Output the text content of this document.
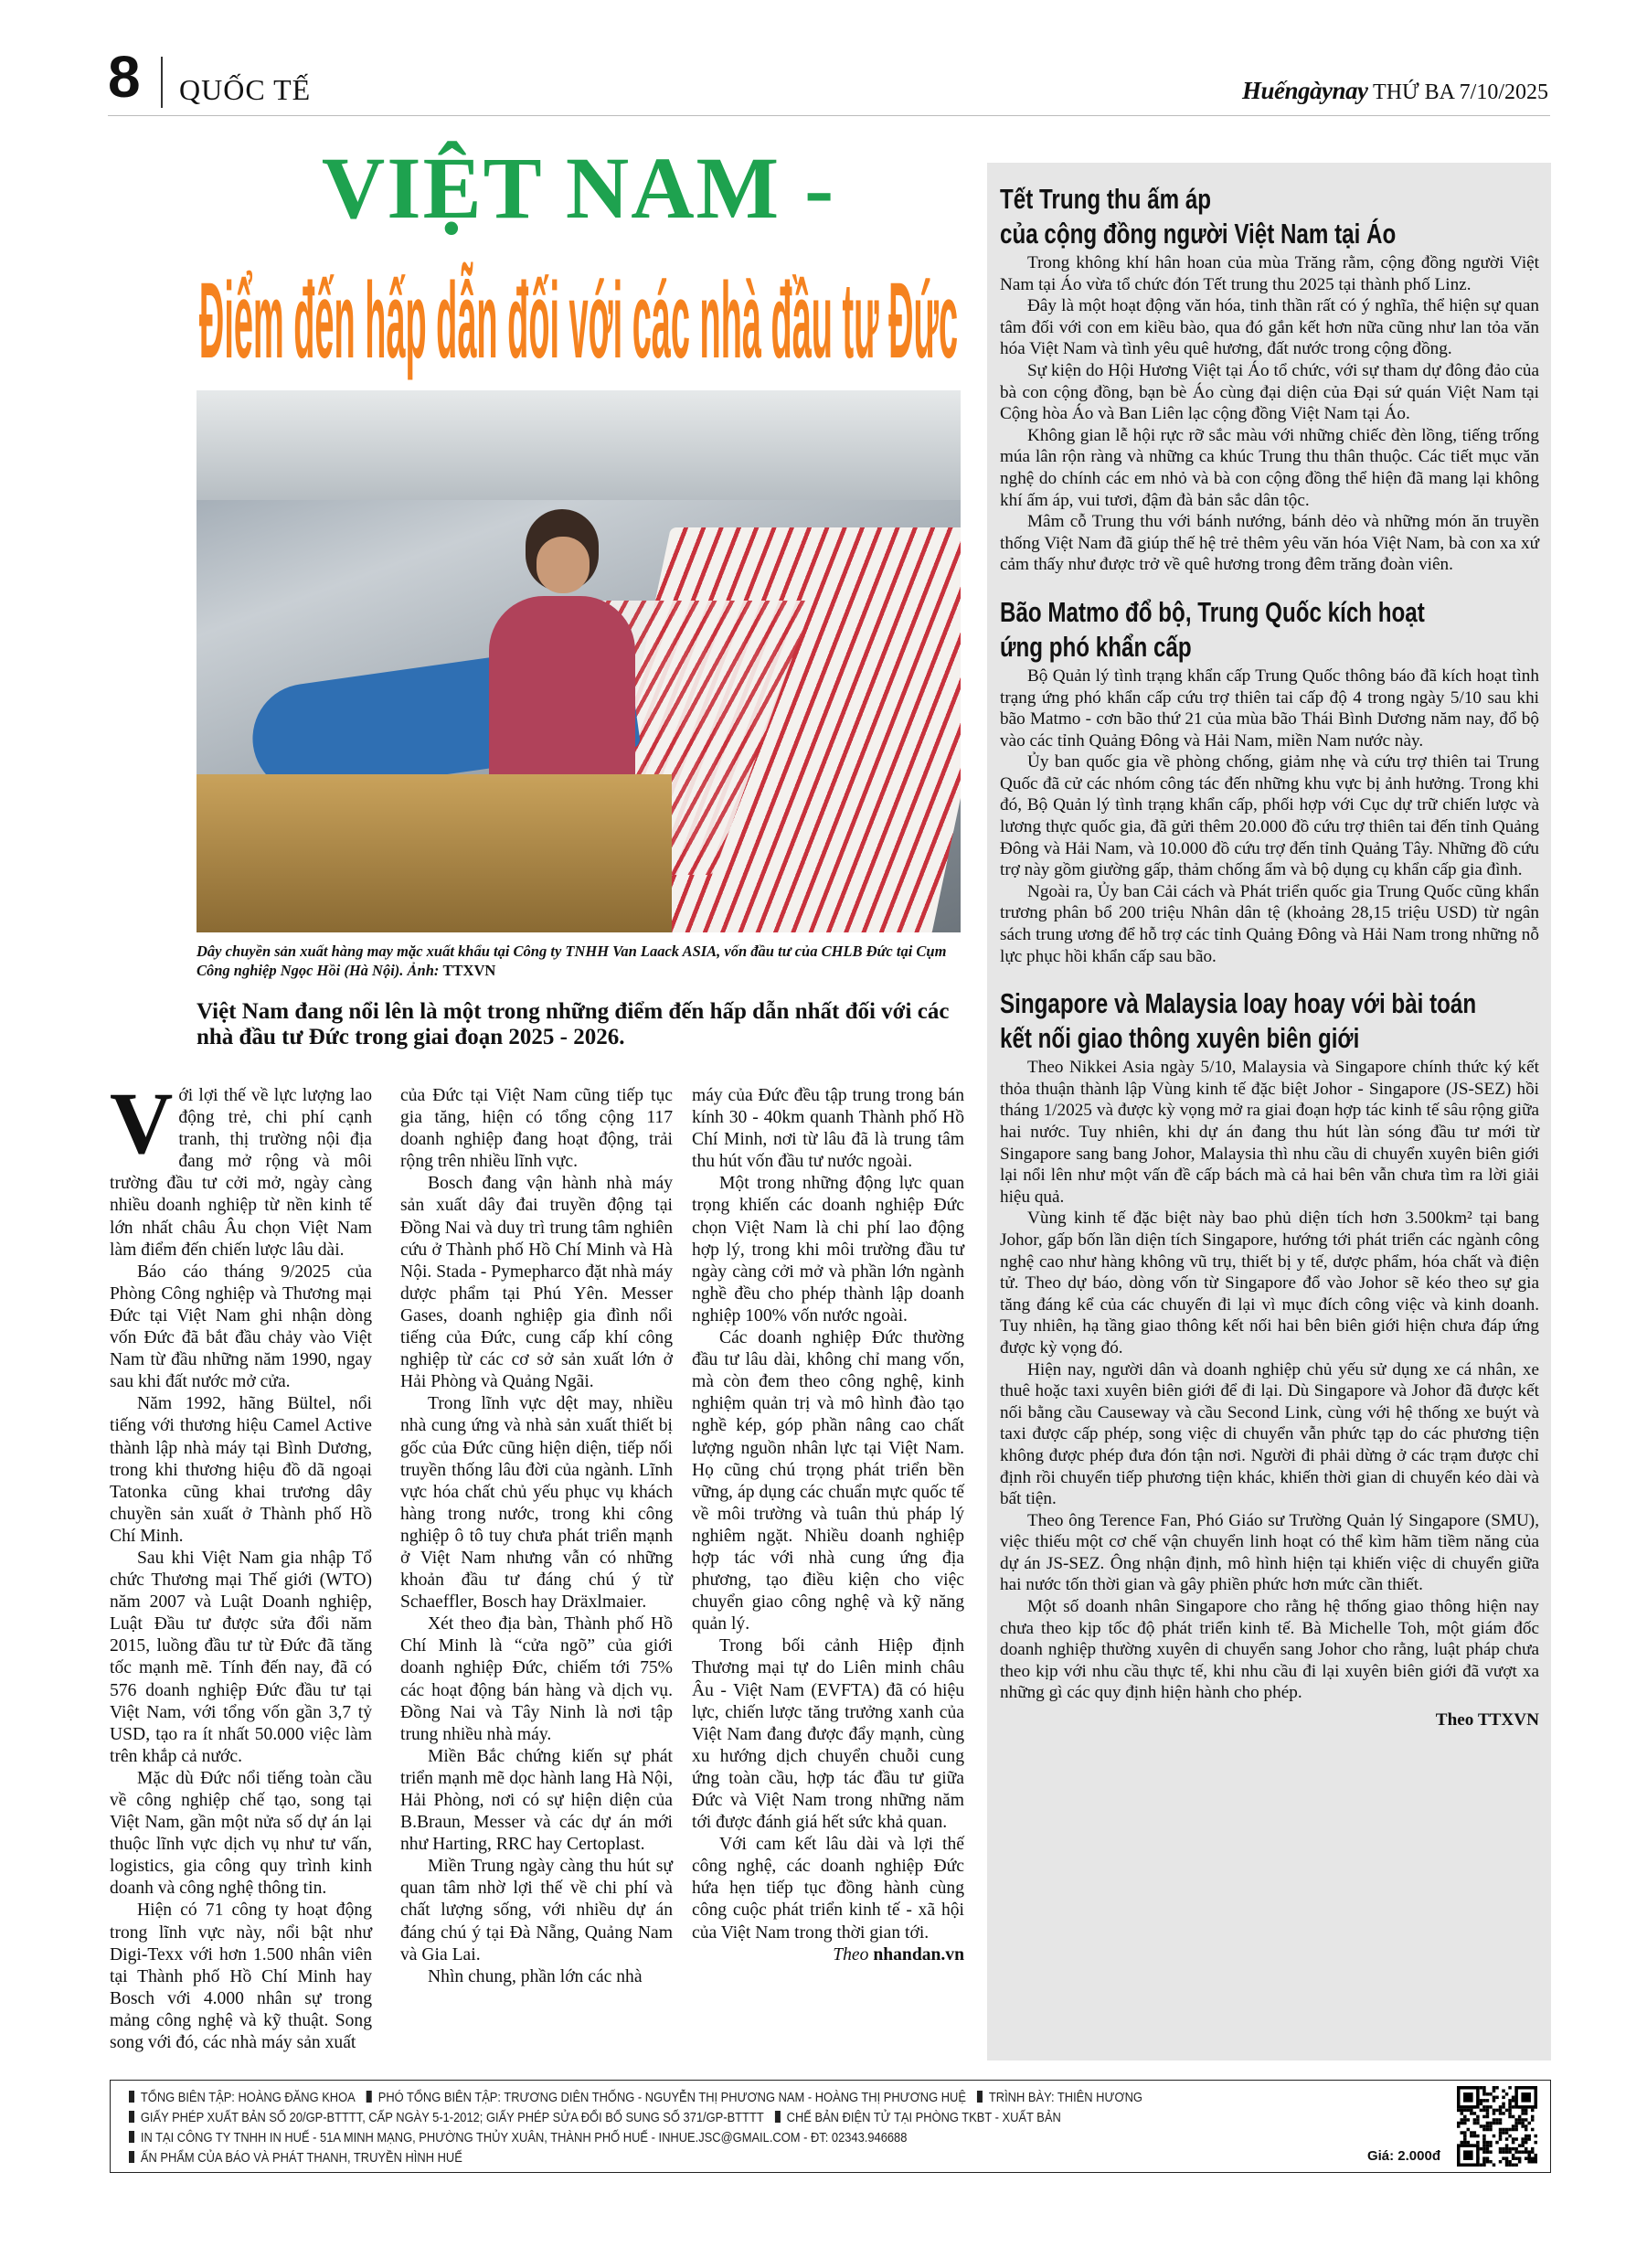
8 QUỐC TẾ	Huếngàynay THỨ BA 7/10/2025
VIỆT NAM -
Điểm đến hấp dẫn đối với các nhà đầu tư Đức
Dây chuyền sản xuất hàng may mặc xuất khẩu tại Công ty TNHH Van Laack ASIA, vốn đầu tư của CHLB Đức tại Cụm Công nghiệp Ngọc Hồi (Hà Nội). Ảnh: TTXVN
Việt Nam đang nổi lên là một trong những điểm đến hấp dẫn nhất đối với các nhà đầu tư Đức trong giai đoạn 2025 - 2026.

Với lợi thế về lực lượng lao động trẻ, chi phí cạnh tranh, thị trường nội địa đang mở rộng và môi trường đầu tư cởi mở, ngày càng nhiều doanh nghiệp từ nền kinh tế lớn nhất châu Âu chọn Việt Nam làm điểm đến chiến lược lâu dài.

Báo cáo tháng 9/2025 của Phòng Công nghiệp và Thương mại Đức tại Việt Nam ghi nhận dòng vốn Đức đã bắt đầu chảy vào Việt Nam từ đầu những năm 1990, ngay sau khi đất nước mở cửa.

Năm 1992, hãng Bültel, nổi tiếng với thương hiệu Camel Active thành lập nhà máy tại Bình Dương, trong khi thương hiệu đồ dã ngoại Tatonka cũng khai trương dây chuyền sản xuất ở Thành phố Hồ Chí Minh.

Sau khi Việt Nam gia nhập Tổ chức Thương mại Thế giới (WTO) năm 2007 và Luật Doanh nghiệp, Luật Đầu tư được sửa đổi năm 2015, luồng đầu tư từ Đức đã tăng tốc mạnh mẽ. Tính đến nay, đã có 576 doanh nghiệp Đức đầu tư tại Việt Nam, với tổng vốn gần 3,7 tỷ USD, tạo ra ít nhất 50.000 việc làm trên khắp cả nước.

Mặc dù Đức nổi tiếng toàn cầu về công nghiệp chế tạo, song tại Việt Nam, gần một nửa số dự án lại thuộc lĩnh vực dịch vụ như tư vấn, logistics, gia công quy trình kinh doanh và công nghệ thông tin.

Hiện có 71 công ty hoạt động trong lĩnh vực này, nổi bật như Digi-Texx với hơn 1.500 nhân viên tại Thành phố Hồ Chí Minh hay Bosch với 4.000 nhân sự trong mảng công nghệ và kỹ thuật. Song song với đó, các nhà máy sản xuất

của Đức tại Việt Nam cũng tiếp tục gia tăng, hiện có tổng cộng 117 doanh nghiệp đang hoạt động, trải rộng trên nhiều lĩnh vực.

Bosch đang vận hành nhà máy sản xuất dây đai truyền động tại Đồng Nai và duy trì trung tâm nghiên cứu ở Thành phố Hồ Chí Minh và Hà Nội. Stada - Pymepharco đặt nhà máy dược phẩm tại Phú Yên. Messer Gases, doanh nghiệp gia đình nổi tiếng của Đức, cung cấp khí công nghiệp từ các cơ sở sản xuất lớn ở Hải Phòng và Quảng Ngãi.

Trong lĩnh vực dệt may, nhiều nhà cung ứng và nhà sản xuất thiết bị gốc của Đức cũng hiện diện, tiếp nối truyền thống lâu đời của ngành. Lĩnh vực hóa chất chủ yếu phục vụ khách hàng trong nước, trong khi công nghiệp ô tô tuy chưa phát triển mạnh ở Việt Nam nhưng vẫn có những khoản đầu tư đáng chú ý từ Schaeffler, Bosch hay Dräxlmaier.

Xét theo địa bàn, Thành phố Hồ Chí Minh là “cửa ngõ” của giới doanh nghiệp Đức, chiếm tới 75% các hoạt động bán hàng và dịch vụ. Đồng Nai và Tây Ninh là nơi tập trung nhiều nhà máy.

Miền Bắc chứng kiến sự phát triển mạnh mẽ dọc hành lang Hà Nội, Hải Phòng, nơi có sự hiện diện của B.Braun, Messer và các dự án mới như Harting, RRC hay Certoplast.

Miền Trung ngày càng thu hút sự quan tâm nhờ lợi thế về chi phí và chất lượng sống, với nhiều dự án đáng chú ý tại Đà Nẵng, Quảng Nam và Gia Lai.

Nhìn chung, phần lớn các nhà

máy của Đức đều tập trung trong bán kính 30 - 40km quanh Thành phố Hồ Chí Minh, nơi từ lâu đã là trung tâm thu hút vốn đầu tư nước ngoài.

Một trong những động lực quan trọng khiến các doanh nghiệp Đức chọn Việt Nam là chi phí lao động hợp lý, trong khi môi trường đầu tư ngày càng cởi mở và phần lớn ngành nghề đều cho phép thành lập doanh nghiệp 100% vốn nước ngoài.

Các doanh nghiệp Đức thường đầu tư lâu dài, không chỉ mang vốn, mà còn đem theo công nghệ, kinh nghiệm quản trị và mô hình đào tạo nghề kép, góp phần nâng cao chất lượng nguồn nhân lực tại Việt Nam. Họ cũng chú trọng phát triển bền vững, áp dụng các chuẩn mực quốc tế về môi trường và tuân thủ pháp lý nghiêm ngặt. Nhiều doanh nghiệp hợp tác với nhà cung ứng địa phương, tạo điều kiện cho việc chuyển giao công nghệ và kỹ năng quản lý.

Trong bối cảnh Hiệp định Thương mại tự do Liên minh châu Âu - Việt Nam (EVFTA) đã có hiệu lực, chiến lược tăng trưởng xanh của Việt Nam đang được đẩy mạnh, cùng xu hướng dịch chuyển chuỗi cung ứng toàn cầu, hợp tác đầu tư giữa Đức và Việt Nam trong những năm tới được đánh giá hết sức khả quan.

Với cam kết lâu dài và lợi thế công nghệ, các doanh nghiệp Đức hứa hẹn tiếp tục đồng hành cùng công cuộc phát triển kinh tế - xã hội của Việt Nam trong thời gian tới.

Theo nhandan.vn
Tết Trung thu ấm áp
của cộng đồng người Việt Nam tại Áo

Trong không khí hân hoan của mùa Trăng rằm, cộng đồng người Việt Nam tại Áo vừa tổ chức đón Tết trung thu 2025 tại thành phố Linz.

Đây là một hoạt động văn hóa, tinh thần rất có ý nghĩa, thể hiện sự quan tâm đối với con em kiều bào, qua đó gắn kết hơn nữa cũng như lan tỏa văn hóa Việt Nam và tình yêu quê hương, đất nước trong cộng đồng.

Sự kiện do Hội Hương Việt tại Áo tổ chức, với sự tham dự đông đảo của bà con cộng đồng, bạn bè Áo cùng đại diện của Đại sứ quán Việt Nam tại Cộng hòa Áo và Ban Liên lạc cộng đồng Việt Nam tại Áo.

Không gian lễ hội rực rỡ sắc màu với những chiếc đèn lồng, tiếng trống múa lân rộn ràng và những ca khúc Trung thu thân thuộc. Các tiết mục văn nghệ do chính các em nhỏ và bà con cộng đồng thể hiện đã mang lại không khí ấm áp, vui tươi, đậm đà bản sắc dân tộc.

Mâm cỗ Trung thu với bánh nướng, bánh dẻo và những món ăn truyền thống Việt Nam đã giúp thế hệ trẻ thêm yêu văn hóa Việt Nam, bà con xa xứ cảm thấy như được trở về quê hương trong đêm trăng đoàn viên.

Bão Matmo đổ bộ, Trung Quốc kích hoạt
ứng phó khẩn cấp

Bộ Quản lý tình trạng khẩn cấp Trung Quốc thông báo đã kích hoạt tình trạng ứng phó khẩn cấp cứu trợ thiên tai cấp độ 4 trong ngày 5/10 sau khi bão Matmo - cơn bão thứ 21 của mùa bão Thái Bình Dương năm nay, đổ bộ vào các tỉnh Quảng Đông và Hải Nam, miền Nam nước này.

Ủy ban quốc gia về phòng chống, giảm nhẹ và cứu trợ thiên tai Trung Quốc đã cử các nhóm công tác đến những khu vực bị ảnh hưởng. Trong khi đó, Bộ Quản lý tình trạng khẩn cấp, phối hợp với Cục dự trữ chiến lược và lương thực quốc gia, đã gửi thêm 20.000 đồ cứu trợ thiên tai đến tỉnh Quảng Đông và Hải Nam, và 10.000 đồ cứu trợ đến tỉnh Quảng Tây. Những đồ cứu trợ này gồm giường gấp, thảm chống ẩm và bộ dụng cụ khẩn cấp gia đình.

Ngoài ra, Ủy ban Cải cách và Phát triển quốc gia Trung Quốc cũng khẩn trương phân bổ 200 triệu Nhân dân tệ (khoảng 28,15 triệu USD) từ ngân sách trung ương để hỗ trợ các tỉnh Quảng Đông và Hải Nam trong những nỗ lực phục hồi khẩn cấp sau bão.

Singapore và Malaysia loay hoay với bài toán
kết nối giao thông xuyên biên giới

Theo Nikkei Asia ngày 5/10, Malaysia và Singapore chính thức ký kết thỏa thuận thành lập Vùng kinh tế đặc biệt Johor - Singapore (JS-SEZ) hồi tháng 1/2025 và được kỳ vọng mở ra giai đoạn hợp tác kinh tế sâu rộng giữa hai nước. Tuy nhiên, khi dự án đang thu hút làn sóng đầu tư mới từ Singapore sang bang Johor, Malaysia thì nhu cầu di chuyển xuyên biên giới lại nổi lên như một vấn đề cấp bách mà cả hai bên vẫn chưa tìm ra lời giải hiệu quả.

Vùng kinh tế đặc biệt này bao phủ diện tích hơn 3.500km² tại bang Johor, gấp bốn lần diện tích Singapore, hướng tới phát triển các ngành công nghệ cao như hàng không vũ trụ, thiết bị y tế, dược phẩm, hóa chất và điện tử. Theo dự báo, dòng vốn từ Singapore đổ vào Johor sẽ kéo theo sự gia tăng đáng kể của các chuyến đi lại vì mục đích công việc và kinh doanh. Tuy nhiên, hạ tầng giao thông kết nối hai bên biên giới hiện chưa đáp ứng được kỳ vọng đó.

Hiện nay, người dân và doanh nghiệp chủ yếu sử dụng xe cá nhân, xe thuê hoặc taxi xuyên biên giới để đi lại. Dù Singapore và Johor đã được kết nối bằng cầu Causeway và cầu Second Link, cùng với hệ thống xe buýt và taxi được cấp phép, song việc di chuyển vẫn phức tạp do các phương tiện không được phép đưa đón tận nơi. Người đi phải dừng ở các trạm được chỉ định rồi chuyển tiếp phương tiện khác, khiến thời gian di chuyển kéo dài và bất tiện.

Theo ông Terence Fan, Phó Giáo sư Trường Quản lý Singapore (SMU), việc thiếu một cơ chế vận chuyển linh hoạt có thể kìm hãm tiềm năng của dự án JS-SEZ. Ông nhận định, mô hình hiện tại khiến việc di chuyển giữa hai nước tốn thời gian và gây phiền phức hơn mức cần thiết.

Một số doanh nhân Singapore cho rằng hệ thống giao thông hiện nay chưa theo kịp tốc độ phát triển kinh tế. Bà Michelle Toh, một giám đốc doanh nghiệp thường xuyên di chuyển sang Johor cho rằng, luật pháp chưa theo kịp với nhu cầu thực tế, khi nhu cầu đi lại xuyên biên giới đã vượt xa những gì các quy định hiện hành cho phép.

Theo TTXVN
TỔNG BIÊN TẬP: HOÀNG ĐĂNG KHOA PHÓ TỔNG BIÊN TẬP: TRƯƠNG DIÊN THỐNG - NGUYỄN THỊ PHƯƠNG NAM - HOÀNG THỊ PHƯƠNG HUỆ TRÌNH BÀY: THIÊN HƯƠNG
GIẤY PHÉP XUẤT BẢN SỐ 20/GP-BTTTT, CẤP NGÀY 5-1-2012; GIẤY PHÉP SỬA ĐỔI BỔ SUNG SỐ 371/GP-BTTTT CHẾ BẢN ĐIỆN TỬ TẠI PHÒNG TKBT - XUẤT BẢN
IN TẠI CÔNG TY TNHH IN HUẾ - 51A MINH MẠNG, PHƯỜNG THỦY XUÂN, THÀNH PHỐ HUẾ - INHUE.JSC@GMAIL.COM - ĐT: 02343.946688
ẤN PHẨM CỦA BÁO VÀ PHÁT THANH, TRUYỀN HÌNH HUẾ	Giá: 2.000đ
